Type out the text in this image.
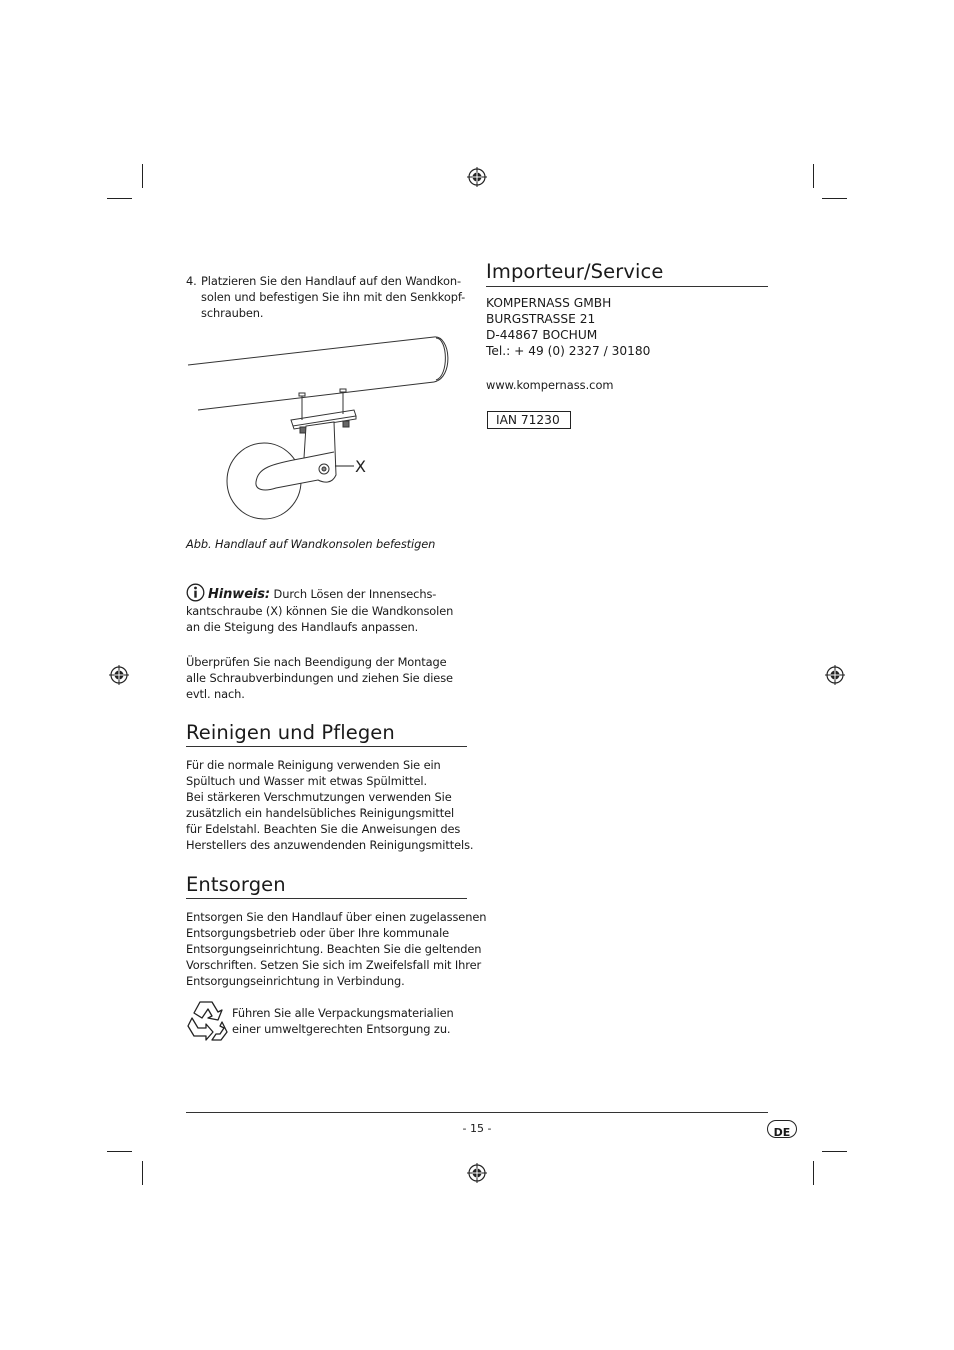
4. Platzieren Sie den Handlauf auf den Wandkon-
solen und befestigen Sie ihn mit den Senkkopf-
schrauben.
X
Abb. Handlauf auf Wandkonsolen befestigen
Hinweis: Durch Lösen der Innensechs-
kantschraube (X) können Sie die Wandkonsolen
an die Steigung des Handlaufs anpassen.
Überprüfen Sie nach Beendigung der Montage
alle Schraubverbindungen und ziehen Sie diese
evtl. nach.
Reinigen und Pflegen
Für die normale Reinigung verwenden Sie ein
Spültuch und Wasser mit etwas Spülmittel.
Bei stärkeren Verschmutzungen verwenden Sie
zusätzlich ein handelsübliches Reinigungsmittel
für Edelstahl. Beachten Sie die Anweisungen des
Herstellers des anzuwendenden Reinigungsmittels.
Entsorgen
Entsorgen Sie den Handlauf über einen zugelassenen
Entsorgungsbetrieb oder über Ihre kommunale
Entsorgungseinrichtung. Beachten Sie die geltenden
Vorschriften. Setzen Sie sich im Zweifelsfall mit Ihrer
Entsorgungseinrichtung in Verbindung.
Führen Sie alle Verpackungsmaterialien
einer umweltgerechten Entsorgung zu.
Importeur/Service
KOMPERNASS GMBH
BURGSTRASSE 21
D-44867 BOCHUM
Tel.: + 49 (0) 2327 / 30180
www.kompernass.com
IAN 71230
- 15 -	DE
